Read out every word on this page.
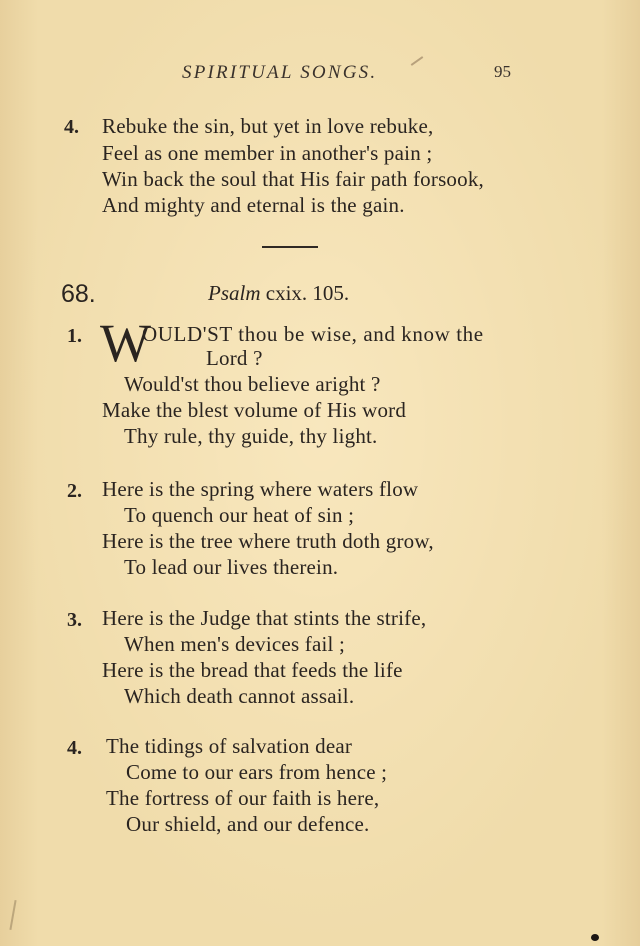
SPIRITUAL SONGS.	95
4. Rebuke the sin, but yet in love rebuke,
Feel as one member in another's pain ;
Win back the soul that His fair path forsook,
And mighty and eternal is the gain.
68.	Psalm cxix. 105.
1. W
OULD'ST thou be wise, and know the
Lord ?
Would'st thou believe aright ?
Make the blest volume of His word
Thy rule, thy guide, thy light.
2. Here is the spring where waters flow
To quench our heat of sin ;
Here is the tree where truth doth grow,
To lead our lives therein.
3. Here is the Judge that stints the strife,
When men's devices fail ;
Here is the bread that feeds the life
Which death cannot assail.
4. The tidings of salvation dear
Come to our ears from hence ;
The fortress of our faith is here,
Our shield, and our defence.
